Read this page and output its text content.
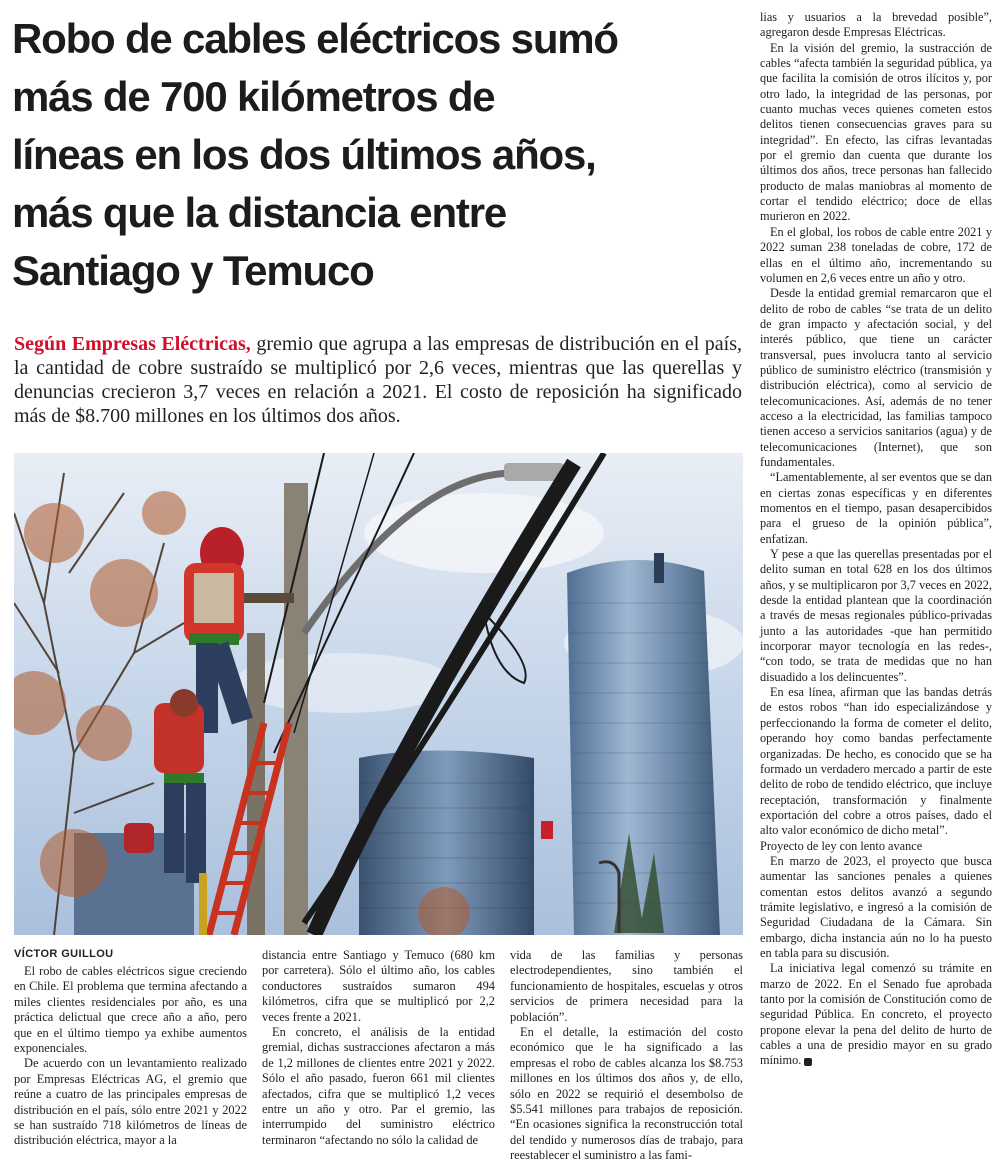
Robo de cables eléctricos sumó
más de 700 kilómetros de
líneas en los dos últimos años,
más que la distancia entre
Santiago y Temuco

Según Empresas Eléctricas, gremio que agrupa a las empresas de distribución en el país, la cantidad de cobre sustraído se multiplicó por 2,6 veces, mientras que las querellas y denuncias crecieron 3,7 veces en relación a 2021. El costo de reposición ha significado más de $8.700 millones en los últimos dos años.

VÍCTOR GUILLOU

El robo de cables eléctricos sigue creciendo en Chile. El problema que termina afectando a miles clientes residenciales por año, es una práctica delictual que crece año a año, pero que en el último tiempo ya exhibe aumentos exponenciales.

De acuerdo con un levantamiento realizado por Empresas Eléctricas AG, el gremio que reúne a cuatro de las principales empresas de distribución en el país, sólo entre 2021 y 2022 se han sustraído 718 kilómetros de líneas de distribución eléctrica, mayor a la

distancia entre Santiago y Temuco (680 km por carretera). Sólo el último año, los cables conductores sustraídos sumaron 494 kilómetros, cifra que se multiplicó por 2,2 veces frente a 2021.

En concreto, el análisis de la entidad gremial, dichas sustracciones afectaron a más de 1,2 millones de clientes entre 2021 y 2022. Sólo el año pasado, fueron 661 mil clientes afectados, cifra que se multiplicó 1,2 veces entre un año y otro. Par el gremio, las interrumpido del suministro eléctrico terminaron “afectando no sólo la calidad de

vida de las familias y personas electrodependientes, sino también el funcionamiento de hospitales, escuelas y otros servicios de primera necesidad para la población”.

En el detalle, la estimación del costo económico que le ha significado a las empresas el robo de cables alcanza los $8.753 millones en los últimos dos años y, de ello, sólo en 2022 se requirió el desembolso de $5.541 millones para trabajos de reposición. “En ocasiones significa la reconstrucción total del tendido y numerosos días de trabajo, para reestablecer el suministro a las fami-

lias y usuarios a la brevedad posible”, agregaron desde Empresas Eléctricas.

En la visión del gremio, la sustracción de cables “afecta también la seguridad pública, ya que facilita la comisión de otros ilícitos y, por otro lado, la integridad de las personas, por cuanto muchas veces quienes cometen estos delitos tienen consecuencias graves para su integridad”. En efecto, las cifras levantadas por el gremio dan cuenta que durante los últimos dos años, trece personas han fallecido producto de malas maniobras al momento de cortar el tendido eléctrico; doce de ellas murieron en 2022.

En el global, los robos de cable entre 2021 y 2022 suman 238 toneladas de cobre, 172 de ellas en el último año, incrementando su volumen en 2,6 veces entre un año y otro.

Desde la entidad gremial remarcaron que el delito de robo de cables “se trata de un delito de gran impacto y afectación social, y del interés público, que tiene un carácter transversal, pues involucra tanto al servicio público de suministro eléctrico (transmisión y distribución eléctrica), como al servicio de telecomunicaciones. Así, además de no tener acceso a la electricidad, las familias tampoco tienen acceso a servicios sanitarios (agua) y de telecomunicaciones (Internet), que son fundamentales.

“Lamentablemente, al ser eventos que se dan en ciertas zonas específicas y en diferentes momentos en el tiempo, pasan desapercibidos para el grueso de la opinión pública”, enfatizan.

Y pese a que las querellas presentadas por el delito suman en total 628 en los dos últimos años, y se multiplicaron por 3,7 veces en 2022, desde la entidad plantean que la coordinación a través de mesas regionales público-privadas junto a las autoridades -que han permitido incorporar mayor tecnología en las redes-, “con todo, se trata de medidas que no han disuadido a los delincuentes”.

En esa línea, afirman que las bandas detrás de estos robos “han ido especializándose y perfeccionando la forma de cometer el delito, operando hoy como bandas perfectamente organizadas. De hecho, es conocido que se ha formado un verdadero mercado a partir de este delito de robo de tendido eléctrico, que incluye receptación, transformación y finalmente exportación del cobre a otros países, dado el alto valor económico de dicho metal”.

Proyecto de ley con lento avance

En marzo de 2023, el proyecto que busca aumentar las sanciones penales a quienes comentan estos delitos avanzó a segundo trámite legislativo, e ingresó a la comisión de Seguridad Ciudadana de la Cámara. Sin embargo, dicha instancia aún no lo ha puesto en tabla para su discusión.

La iniciativa legal comenzó su trámite en marzo de 2022. En el Senado fue aprobada tanto por la comisión de Constitución como de seguridad Pública. En concreto, el proyecto propone elevar la pena del delito de hurto de cables a una de presidio mayor en su grado mínimo.
